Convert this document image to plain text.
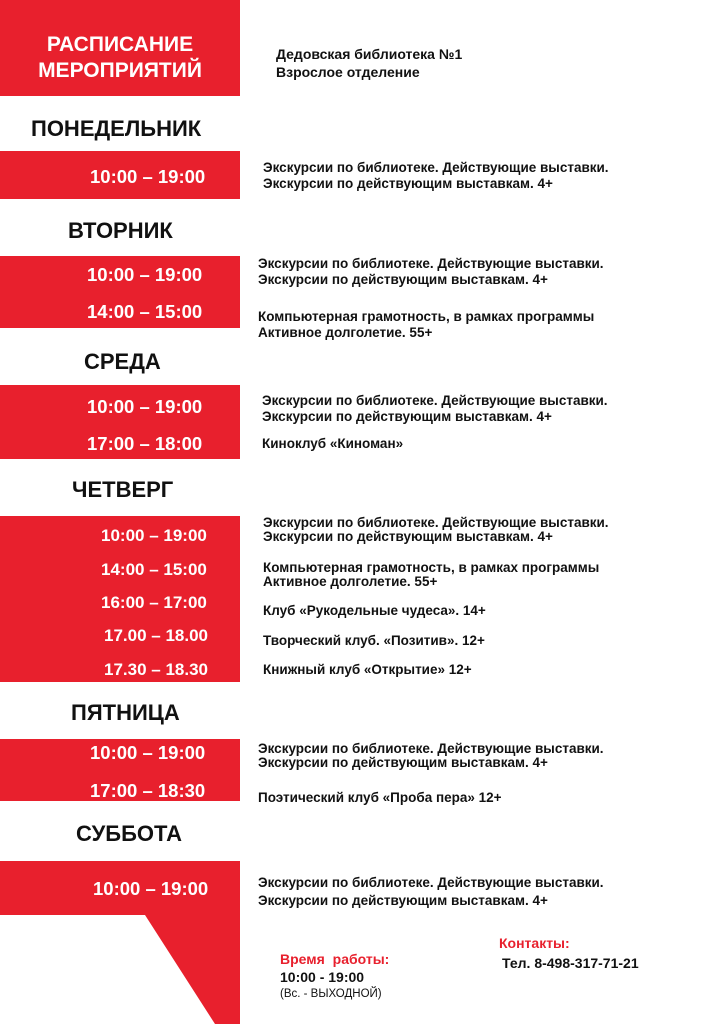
РАСПИСАНИЕ
МЕРОПРИЯТИЙ
Дедовская библиотека №1
Взрослое отделение
ПОНЕДЕЛЬНИК
10:00 – 19:00	Экскурсии по библиотеке. Действующие выставки.
Экскурсии по действующим выставкам. 4+
ВТОРНИК
10:00 – 19:00
14:00 – 15:00
Экскурсии по библиотеке. Действующие выставки.
Экскурсии по действующим выставкам. 4+
Компьютерная грамотность, в рамках программы
Активное долголетие. 55+
СРЕДА
10:00 – 19:00
17:00 – 18:00
Экскурсии по библиотеке. Действующие выставки.
Экскурсии по действующим выставкам. 4+
Киноклуб «Киноман»
ЧЕТВЕРГ
10:00 – 19:00
14:00 – 15:00
16:00 – 17:00
17.00 – 18.00
17.30 – 18.30
Экскурсии по библиотеке. Действующие выставки.
Экскурсии по действующим выставкам. 4+
Компьютерная грамотность, в рамках программы
Активное долголетие. 55+
Клуб «Рукодельные чудеса». 14+
Творческий клуб. «Позитив». 12+
Книжный клуб «Открытие» 12+
ПЯТНИЦА
10:00 – 19:00
17:00 – 18:30
Экскурсии по библиотеке. Действующие выставки.
Экскурсии по действующим выставкам. 4+
Поэтический клуб «Проба пера» 12+
СУББОТА
10:00 – 19:00	Экскурсии по библиотеке. Действующие выставки.
Экскурсии по действующим выставкам. 4+
Время работы:
10:00 - 19:00
(Вс. - ВЫХОДНОЙ)
Контакты:
Тел. 8-498-317-71-21
